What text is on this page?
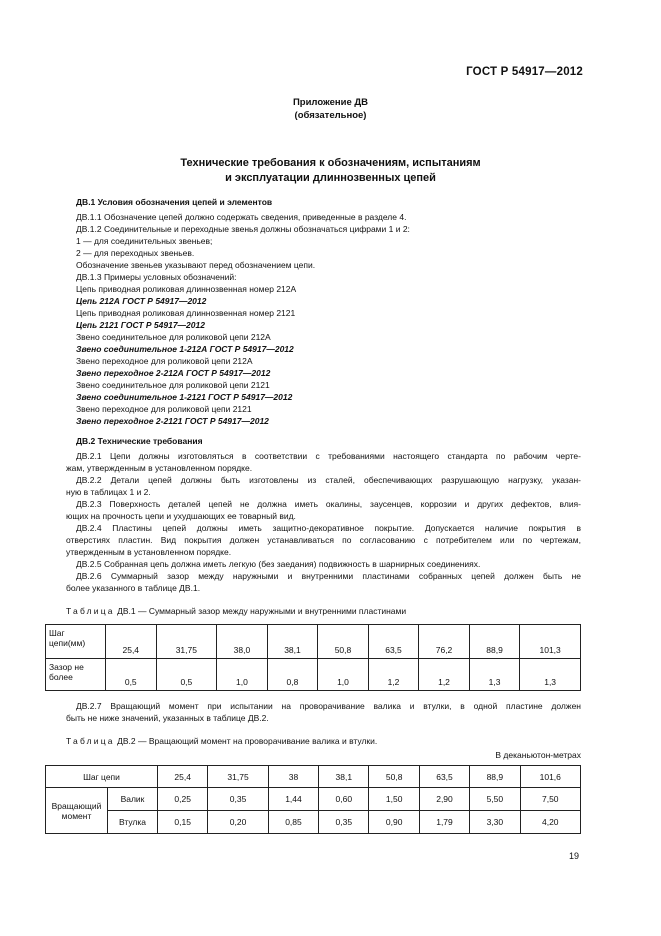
ГОСТ Р 54917—2012
Приложение ДВ
(обязательное)
Технические требования к обозначениям, испытаниям
и эксплуатации длиннозвенных цепей
ДВ.1 Условия обозначения цепей и элементов
ДВ.1.1 Обозначение цепей должно содержать сведения, приведенные в разделе 4.
ДВ.1.2 Соединительные и переходные звенья должны обозначаться цифрами 1 и 2:
1 — для соединительных звеньев;
2 — для переходных звеньев.
Обозначение звеньев указывают перед обозначением цепи.
ДВ.1.3 Примеры условных обозначений:
Цепь приводная роликовая длиннозвенная номер 212А
Цепь 212А ГОСТ Р 54917—2012
Цепь приводная роликовая длиннозвенная номер 2121
Цепь 2121 ГОСТ Р 54917—2012
Звено соединительное для роликовой цепи 212А
Звено соединительное 1-212А ГОСТ Р 54917—2012
Звено переходное для роликовой цепи 212А
Звено переходное 2-212А ГОСТ Р 54917—2012
Звено соединительное для роликовой цепи 2121
Звено соединительное 1-2121 ГОСТ Р 54917—2012
Звено переходное для роликовой цепи 2121
Звено переходное 2-2121 ГОСТ Р 54917—2012
ДВ.2 Технические требования
ДВ.2.1 Цепи должны изготовляться в соответствии с требованиями настоящего стандарта по рабочим черте-
жам, утвержденным в установленном порядке.
ДВ.2.2 Детали цепей должны быть изготовлены из сталей, обеспечивающих разрушающую нагрузку, указан-
ную в таблицах 1 и 2.
ДВ.2.3 Поверхность деталей цепей не должна иметь окалины, заусенцев, коррозии и других дефектов, влия-
ющих на прочность цепи и ухудшающих ее товарный вид.
ДВ.2.4 Пластины цепей должны иметь защитно-декоративное покрытие. Допускается наличие покрытия в
отверстиях пластин. Вид покрытия должен устанавливаться по согласованию с потребителем или по чертежам,
утвержденным в установленном порядке.
ДВ.2.5 Собранная цепь должна иметь легкую (без заедания) подвижность в шарнирных соединениях.
ДВ.2.6 Суммарный зазор между наружными и внутренними пластинами собранных цепей должен быть не
более указанного в таблице ДВ.1.
Таблица ДВ.1 — Суммарный зазор между наружными и внутренними пластинами
Шаг
цепи(мм)	25,4	31,75	38,0	38,1	50,8	63,5	76,2	88,9	101,3
Зазор не
более	0,5	0,5	1,0	0,8	1,0	1,2	1,2	1,3	1,3
ДВ.2.7 Вращающий момент при испытании на проворачивание валика и втулки, в одной пластине должен
быть не ниже значений, указанных в таблице ДВ.2.
Таблица ДВ.2 — Вращающий момент на проворачивание валика и втулки.
В деканьютон-метрах
Шаг цепи		25,4	31,75	38	38,1	50,8	63,5	88,9	101,6
Вращающий
момент	Валик	0,25	0,35	1,44	0,60	1,50	2,90	5,50	7,50
	Втулка	0,15	0,20	0,85	0,35	0,90	1,79	3,30	4,20
19
